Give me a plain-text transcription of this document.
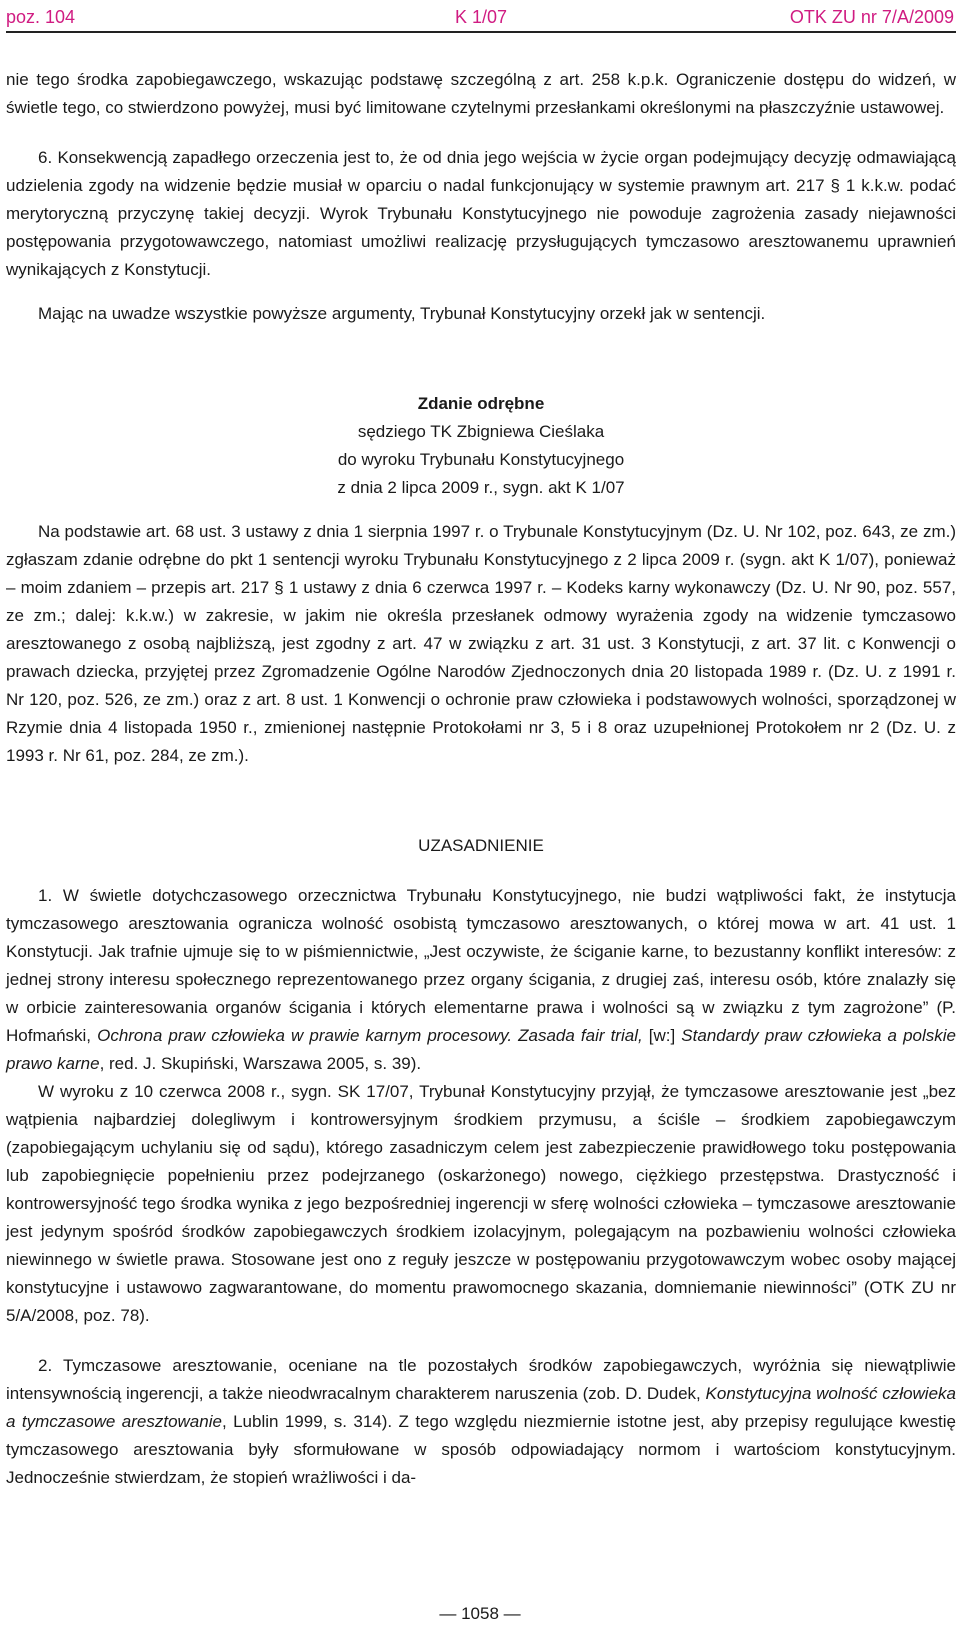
K 1/07
poz. 104	OTK ZU nr 7/A/2009

nie tego środka zapobiegawczego, wskazując podstawę szczególną z art. 258 k.p.k. Ograniczenie dostępu do widzeń, w świetle tego, co stwierdzono powyżej, musi być limitowane czytelnymi przesłankami określonymi na płaszczyźnie ustawowej.

6. Konsekwencją zapadłego orzeczenia jest to, że od dnia jego wejścia w życie organ podejmujący decyzję odmawiającą udzielenia zgody na widzenie będzie musiał w oparciu o nadal funkcjonujący w systemie prawnym art. 217 § 1 k.k.w. podać merytoryczną przyczynę takiej decyzji. Wyrok Trybunału Konstytucyjnego nie powoduje zagrożenia zasady niejawności postępowania przygotowawczego, natomiast umożliwi realizację przysługujących tymczasowo aresztowanemu uprawnień wynikających z Konstytucji.

Mając na uwadze wszystkie powyższe argumenty, Trybunał Konstytucyjny orzekł jak w sentencji.

Zdanie odrębne
sędziego TK Zbigniewa Cieślaka
do wyroku Trybunału Konstytucyjnego
z dnia 2 lipca 2009 r., sygn. akt K 1/07

Na podstawie art. 68 ust. 3 ustawy z dnia 1 sierpnia 1997 r. o Trybunale Konstytucyjnym (Dz. U. Nr 102, poz. 643, ze zm.) zgłaszam zdanie odrębne do pkt 1 sentencji wyroku Trybunału Konstytucyjnego z 2 lipca 2009 r. (sygn. akt K 1/07), ponieważ – moim zdaniem – przepis art. 217 § 1 ustawy z dnia 6 czerwca 1997 r. – Kodeks karny wykonawczy (Dz. U. Nr 90, poz. 557, ze zm.; dalej: k.k.w.) w zakresie, w jakim nie określa przesłanek odmowy wyrażenia zgody na widzenie tymczasowo aresztowanego z osobą najbliższą, jest zgodny z art. 47 w związku z art. 31 ust. 3 Konstytucji, z art. 37 lit. c Konwencji o prawach dziecka, przyjętej przez Zgromadzenie Ogólne Narodów Zjednoczonych dnia 20 listopada 1989 r. (Dz. U. z 1991 r. Nr 120, poz. 526, ze zm.) oraz z art. 8 ust. 1 Konwencji o ochronie praw człowieka i podstawowych wolności, sporządzonej w Rzymie dnia 4 listopada 1950 r., zmienionej następnie Protokołami nr 3, 5 i 8 oraz uzupełnionej Protokołem nr 2 (Dz. U. z 1993 r. Nr 61, poz. 284, ze zm.).

UZASADNIENIE

1. W świetle dotychczasowego orzecznictwa Trybunału Konstytucyjnego, nie budzi wątpliwości fakt, że instytucja tymczasowego aresztowania ogranicza wolność osobistą tymczasowo aresztowanych, o której mowa w art. 41 ust. 1 Konstytucji. Jak trafnie ujmuje się to w piśmiennictwie, „Jest oczywiste, że ściganie karne, to bezustanny konflikt interesów: z jednej strony interesu społecznego reprezentowanego przez organy ścigania, z drugiej zaś, interesu osób, które znalazły się w orbicie zainteresowania organów ścigania i których elementarne prawa i wolności są w związku z tym zagrożone” (P. Hofmański, Ochrona praw człowieka w prawie karnym procesowy. Zasada fair trial, [w:] Standardy praw człowieka a polskie prawo karne, red. J. Skupiński, Warszawa 2005, s. 39).

W wyroku z 10 czerwca 2008 r., sygn. SK 17/07, Trybunał Konstytucyjny przyjął, że tymczasowe aresztowanie jest „bez wątpienia najbardziej dolegliwym i kontrowersyjnym środkiem przymusu, a ściśle – środkiem zapobiegawczym (zapobiegającym uchylaniu się od sądu), którego zasadniczym celem jest zabezpieczenie prawidłowego toku postępowania lub zapobiegnięcie popełnieniu przez podejrzanego (oskarżonego) nowego, ciężkiego przestępstwa. Drastyczność i kontrowersyjność tego środka wynika z jego bezpośredniej ingerencji w sferę wolności człowieka – tymczasowe aresztowanie jest jedynym spośród środków zapobiegawczych środkiem izolacyjnym, polegającym na pozbawieniu wolności człowieka niewinnego w świetle prawa. Stosowane jest ono z reguły jeszcze w postępowaniu przygotowawczym wobec osoby mającej konstytucyjne i ustawowo zagwarantowane, do momentu prawomocnego skazania, domniemanie niewinności” (OTK ZU nr 5/A/2008, poz. 78).

2. Tymczasowe aresztowanie, oceniane na tle pozostałych środków zapobiegawczych, wyróżnia się niewątpliwie intensywnością ingerencji, a także nieodwracalnym charakterem naruszenia (zob. D. Dudek, Konstytucyjna wolność człowieka a tymczasowe aresztowanie, Lublin 1999, s. 314). Z tego względu niezmiernie istotne jest, aby przepisy regulujące kwestię tymczasowego aresztowania były sformułowane w sposób odpowiadający normom i wartościom konstytucyjnym. Jednocześnie stwierdzam, że stopień wrażliwości i da-

— 1058 —
